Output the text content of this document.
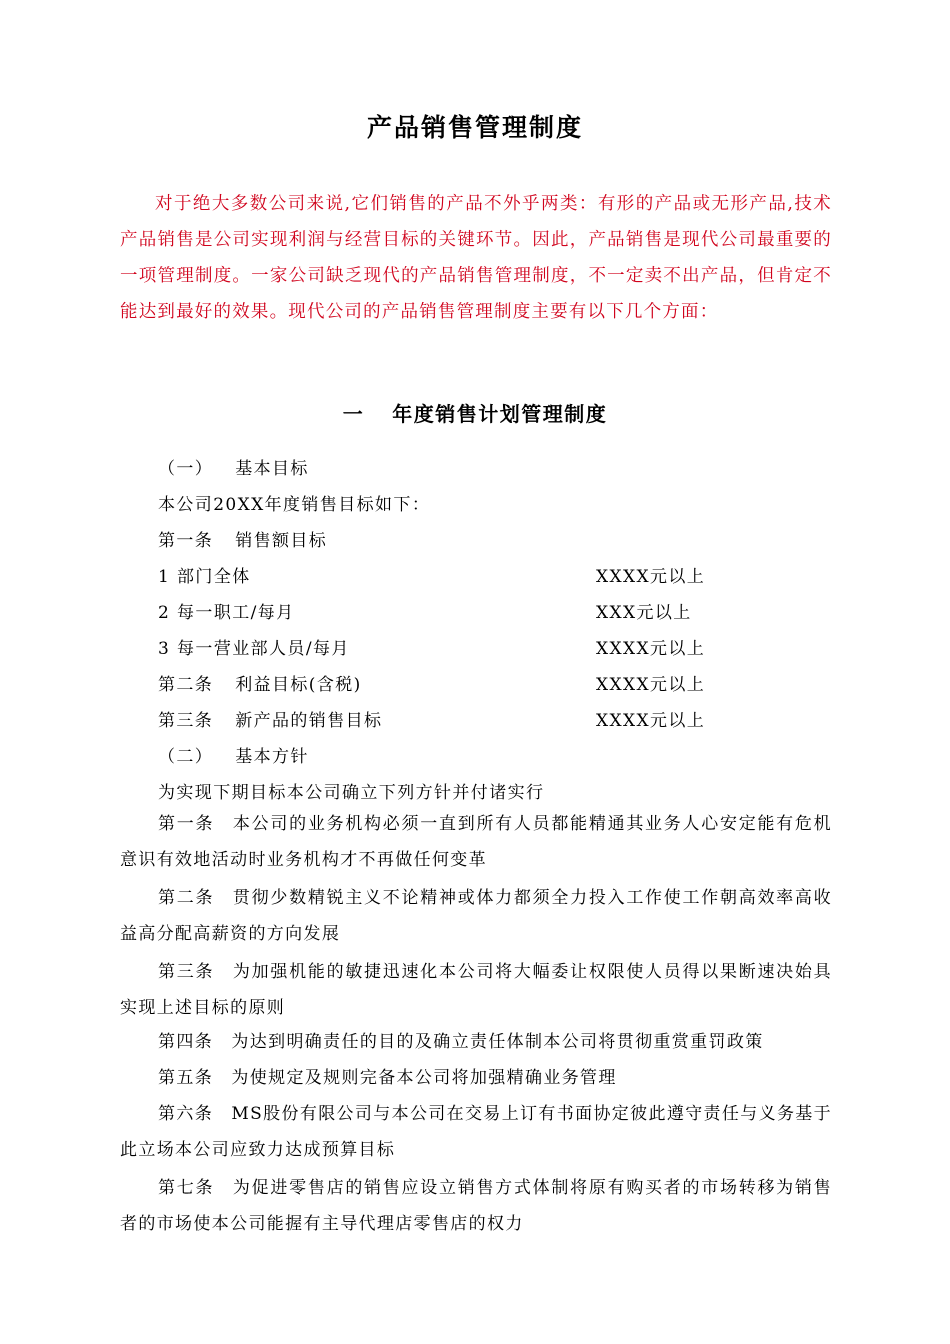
产品销售管理制度

对于绝大多数公司来说,它们销售的产品不外乎两类：有形的产品或无形产品,技术产品销售是公司实现利润与经营目标的关键环节。因此，产品销售是现代公司最重要的一项管理制度。一家公司缺乏现代的产品销售管理制度，不一定卖不出产品，但肯定不能达到最好的效果。现代公司的产品销售管理制度主要有以下几个方面：

一 年度销售计划管理制度
（一） 基本目标
本公司20XX年度销售目标如下：
第一条 销售额目标
1 部门全体	XXXX元以上
2 每一职工/每月	XXX元以上
3 每一营业部人员/每月	XXXX元以上
第二条 利益目标(含税)	XXXX元以上
第三条 新产品的销售目标	XXXX元以上
（二） 基本方针
为实现下期目标本公司确立下列方针并付诸实行

第一条　本公司的业务机构必须一直到所有人员都能精通其业务人心安定能有危机意识有效地活动时业务机构才不再做任何变革

第二条　贯彻少数精锐主义不论精神或体力都须全力投入工作使工作朝高效率高收益高分配高薪资的方向发展

第三条　为加强机能的敏捷迅速化本公司将大幅委让权限使人员得以果断速决始具实现上述目标的原则

第四条　为达到明确责任的目的及确立责任体制本公司将贯彻重赏重罚政策

第五条　为使规定及规则完备本公司将加强精确业务管理

第六条　MS股份有限公司与本公司在交易上订有书面协定彼此遵守责任与义务基于此立场本公司应致力达成预算目标

第七条　为促进零售店的销售应设立销售方式体制将原有购买者的市场转移为销售者的市场使本公司能握有主导代理店零售店的权力
